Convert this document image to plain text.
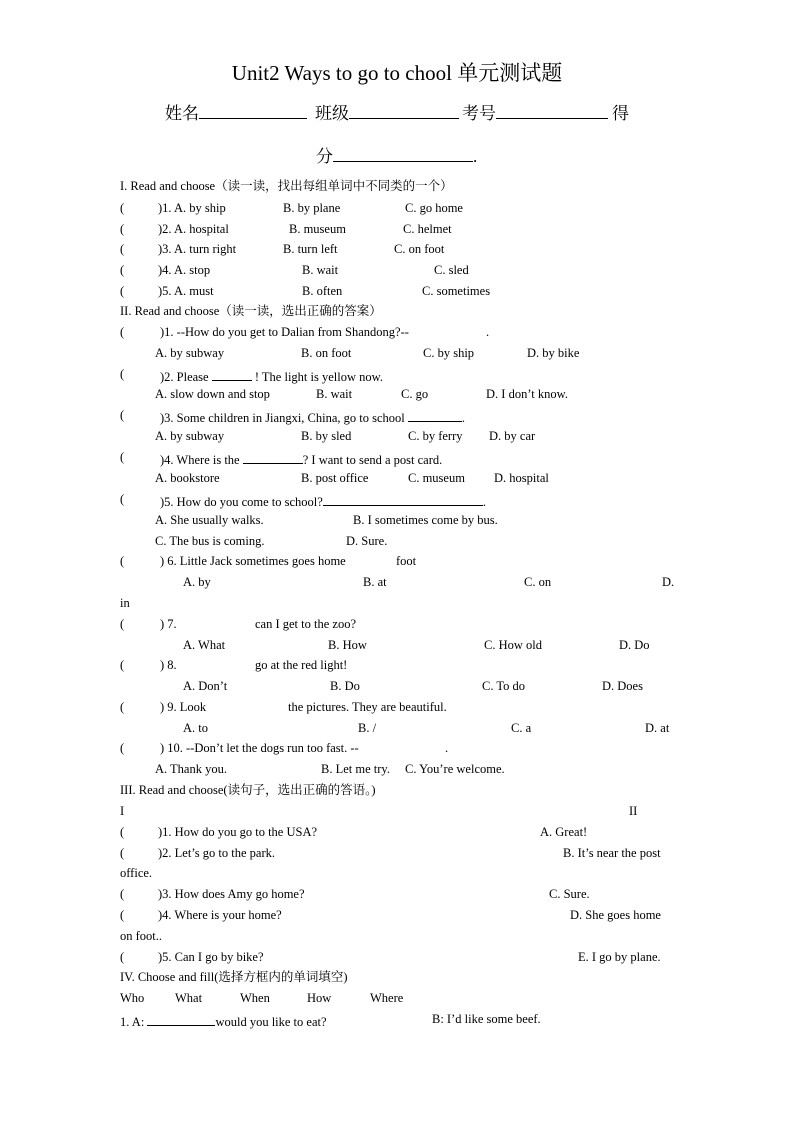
Unit2 Ways to go to chool 单元测试题
姓名	班级	考号	得
分	.
I. Read and choose（读一读，找出每组单词中不同类的一个）
(	)1. A. by ship	B. by plane	C. go home
(	)2. A. hospital	B. museum	C. helmet
(	)3. A. turn right	B. turn left	C. on foot
(	)4. A. stop	B. wait	C. sled
(	)5. A. must	B. often	C. sometimes
II. Read and choose（读一读，选出正确的答案）
(	)1. --How do you get to Dalian from Shandong?--	.
A. by subway	B. on foot	C. by ship	D. by bike
(	)2. Please	! The light is yellow now.
A. slow down and stop	B. wait	C. go	D. I don’t know.
(	)3. Some children in Jiangxi, China, go to school	.
A. by subway	B. by sled	C. by ferry D. by car
(	)4. Where is the	? I want to send a post card.
A. bookstore	B. post office	C. museum D. hospital
(	)5. How do you come to school?	.
A. She usually walks.	B. I sometimes come by bus.
C. The bus is coming.	D. Sure.
(	) 6. Little Jack sometimes goes home	foot
A. by	B. at	C. on	D.
in
(	) 7.	can I get to the zoo?
A. What	B. How	C. How old	D. Do
(	) 8.	go at the red light!
A. Don’t	B. Do	C. To do	D. Does
(	) 9. Look	the pictures. They are beautiful.
A. to	B. /	C. a	D. at
(	) 10. --Don’t let the dogs run too fast. --	.
A. Thank you.	B. Let me try. C. You’re welcome.
III. Read and choose(读句子，选出正确的答语。)
I	II
(	)1. How do you go to the USA?	A. Great!
(	)2. Let’s go to the park.	B. It’s near the post
office.
(	)3. How does Amy go home?	C. Sure.
(	)4. Where is your home?	D. She goes home
on foot..
(	)5. Can I go by bike?	E. I go by plane.
IV. Choose and fill(选择方框内的单词填空)
Who What	When	How	Where
1. A:	would you like to eat?	B: I’d like some beef.
